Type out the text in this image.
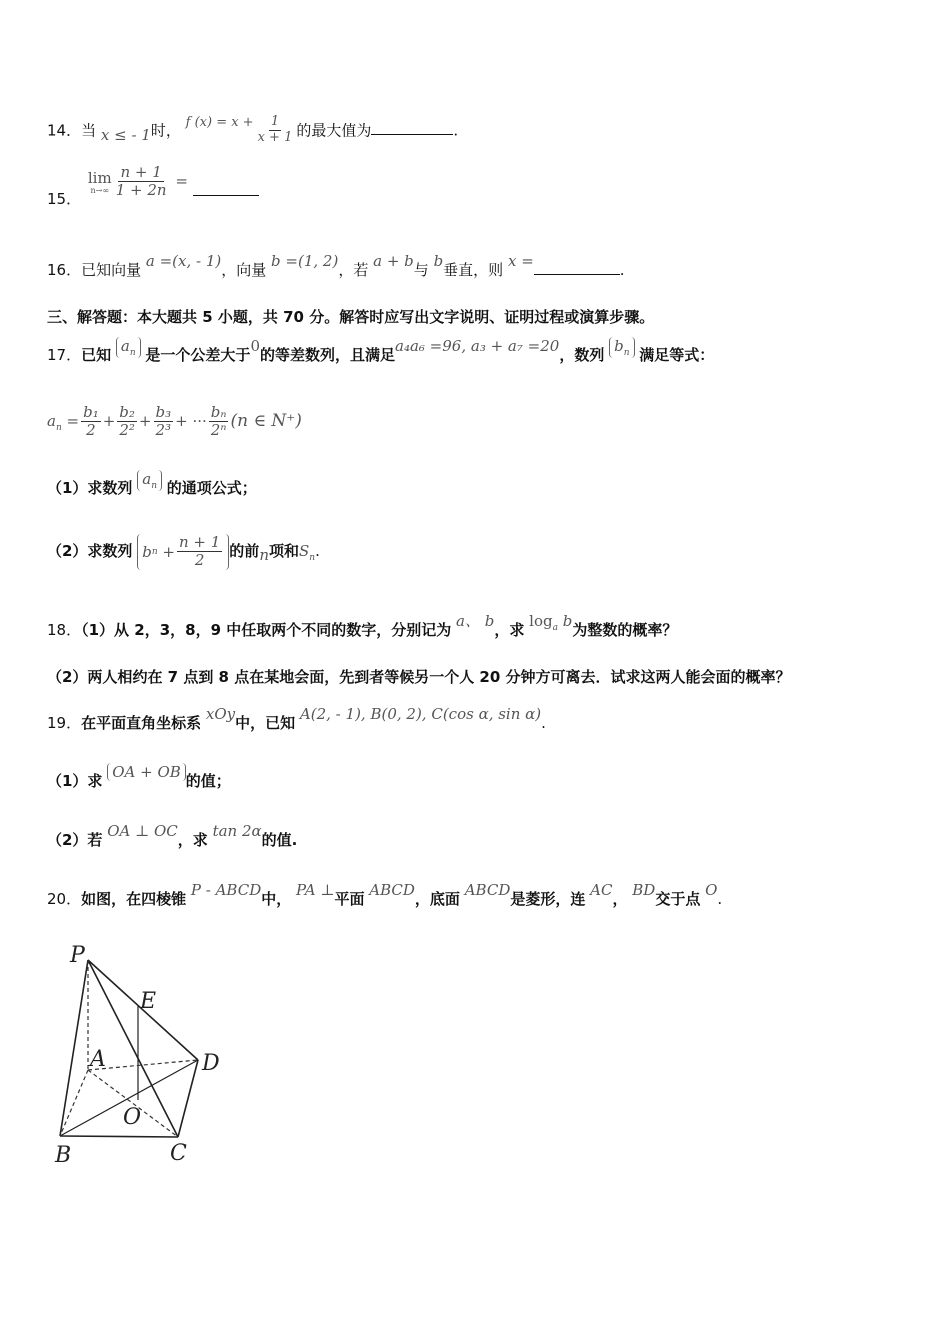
14．当 x ≤ - 1时， f $(x) = x + \frac{1}{x + 1}$ 的最大值为	.
15．
lim
$n\to\infty \frac{n + 1}{1 + 2n}$ =
16．已知向量 a =(x, - 1)，向量 b =(1, 2)，若 a + b与 b垂直，则 x =	.
三、解答题：本大题共 5 小题，共 70 分。解答时应写出文字说明、证明过程或演算步骤。
17．已知 $a_n$ 是一个公差大于0的等差数列，且满足a₄a₆ =96, a₃ + a₇ =20，数列 $b_n$ 满足等式：
$a_n = \frac{\text{b₁}}{2} + \frac{\text{b₂}}{\text{2²}} + \frac{\text{b₃}}{\text{2³}}$ + ··· $\frac{\text{bₙ}}{\text{2ⁿ}} (n$ ∈ N⁺)
（1）求数列 $a_n$ 的通项公式；
（2）求数列 b $n + \frac{n + 1}{2}$ 的前n项和$S_n$.
18．（1）从 2，3，8，9 中任取两个不同的数字，分别记为 a、 b，求 $\log_a b$为整数的概率？
（2）两人相约在 7 点到 8 点在某地会面，先到者等候另一个人 20 分钟方可离去．试求这两人能会面的概率？
19．在平面直角坐标系 xOy中，已知 A(2, - 1), B(0, 2), C(cos α, sin α).
（1）求 OA + OB 的值；
（2）若 OA ⊥ OC，求 tan 2α的值.
20．如图，在四棱锥 P - ABCD中， PA ⊥平面 ABCD，底面 ABCD是菱形，连 AC， BD交于点 O.
P
E
A	D
O
B	C
